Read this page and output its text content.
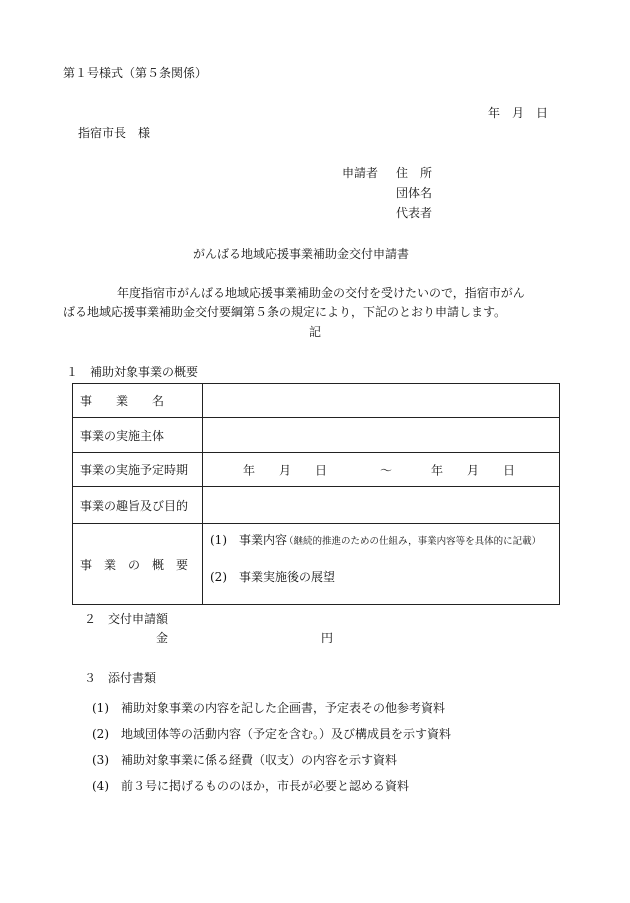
第１号様式（第５条関係）
年　月　日
指宿市長　様
申請者 住　所
団体名
代表者
がんばる地域応援事業補助金交付申請書
年度指宿市がんばる地域応援事業補助金の交付を受けたいので，指宿市がん
ばる地域応援事業補助金交付要綱第５条の規定により，下記のとおり申請します。
記
１　補助対象事業の概要
事　　業　　名	
事業の実施主体	
事業の実施予定時期	年　　月　　日 ～ 年　　月　　日

事業の趣旨及び目的	
事　業　の　概　要	(1)　事業内容
（継続的推進のための仕組み，事業内容等を具体的に記載）
(2)　事業実施後の展望
２　交付申請額
金	円
３　添付書類
(1)　補助対象事業の内容を記した企画書，予定表その他参考資料
(2)　地域団体等の活動内容（予定を含む。）及び構成員を示す資料
(3)　補助対象事業に係る経費（収支）の内容を示す資料
(4)　前３号に掲げるもののほか，市長が必要と認める資料
